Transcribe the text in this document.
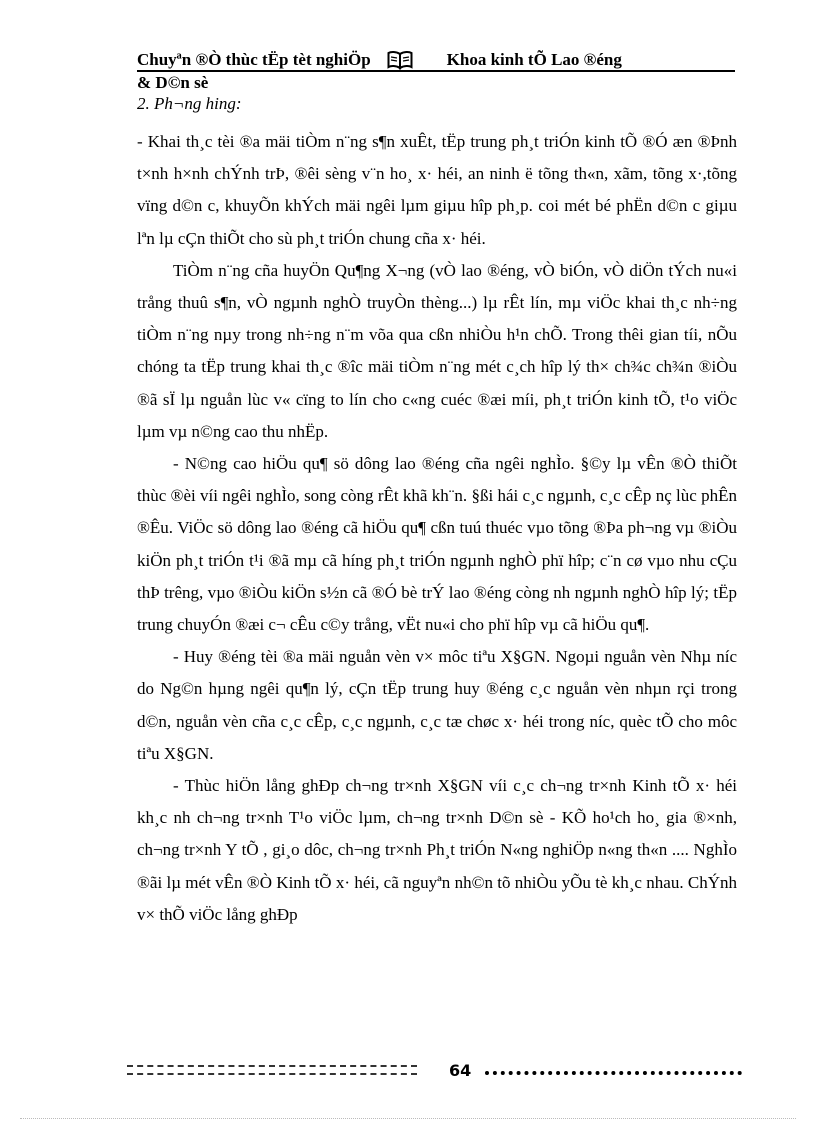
Chuyªn ®Ò thùc tËp tèt nghiÖp	Khoa kinh tÕ Lao ®éng
& D©n sè
2. Ph¬ng hing:

- Khai th¸c tèi ®a mäi tiÒm n¨ng s¶n xuÊt, tËp trung ph¸t triÓn kinh tÕ ®Ó æn ®Þnh t×nh h×nh chÝnh trÞ, ®êi sèng v¨n ho¸ x· héi, an ninh ë tõng th«n, xãm, tõng x·,tõng vïng d©n c, khuyÕn khÝch mäi ngêi lµm giµu hîp ph¸p. coi mét bé phËn d©n c giµu lªn lµ cÇn thiÕt cho sù ph¸t triÓn chung cña x· héi.

TiÒm n¨ng cña huyÖn Qu¶ng X¬ng (vÒ lao ®éng, vÒ biÓn, vÒ diÖn tÝch nu«i trång thuû s¶n, vÒ ngµnh nghÒ truyÒn thèng...) lµ rÊt lín, mµ viÖc khai th¸c nh÷ng tiÒm n¨ng nµy trong nh÷ng n¨m võa qua cßn nhiÒu h¹n chÕ. Trong thêi gian tíi, nÕu chóng ta tËp trung khai th¸c ®îc mäi tiÒm n¨ng mét c¸ch hîp lý th× ch¾c ch¾n ®iÒu ®ã sÏ lµ nguån lùc v« cïng to lín cho c«ng cuéc ®æi míi, ph¸t triÓn kinh tÕ, t¹o viÖc lµm vµ n©ng cao thu nhËp.

- N©ng cao hiÖu qu¶ sö dông lao ®éng cña ngêi nghÌo. §©y lµ vÊn ®Ò thiÕt thùc ®èi víi ngêi nghÌo, song còng rÊt khã kh¨n. §ßi hái c¸c ngµnh, c¸c cÊp nç lùc phÊn ®Êu. ViÖc sö dông lao ®éng cã hiÖu qu¶ cßn tuú thuéc vµo tõng ®Þa ph¬ng vµ ®iÒu kiÖn ph¸t triÓn t¹i ®ã mµ cã híng ph¸t triÓn ngµnh nghÒ phï hîp; c¨n cø vµo nhu cÇu thÞ trêng, vµo ®iÒu kiÖn s½n cã ®Ó bè trÝ lao ®éng còng nh ngµnh nghÒ hîp lý; tËp trung chuyÓn ®æi c¬ cÊu c©y trång, vËt nu«i cho phï hîp vµ cã hiÖu qu¶.

- Huy ®éng tèi ®a mäi nguån vèn v× môc tiªu X§GN. Ngoµi nguån vèn Nhµ níc do Ng©n hµng ngêi qu¶n lý, cÇn tËp trung huy ®éng c¸c nguån vèn nhµn rçi trong d©n, nguån vèn cña c¸c cÊp, c¸c ngµnh, c¸c tæ chøc x· héi trong níc, quèc tÕ cho môc tiªu X§GN.

- Thùc hiÖn lång ghÐp ch¬ng tr×nh X§GN víi c¸c ch¬ng tr×nh Kinh tÕ x· héi kh¸c nh ch¬ng tr×nh T¹o viÖc lµm, ch¬ng tr×nh D©n sè - KÕ ho¹ch ho¸ gia ®×nh, ch¬ng tr×nh Y tÕ , gi¸o dôc, ch¬ng tr×nh Ph¸t triÓn N«ng nghiÖp n«ng th«n .... NghÌo ®ãi lµ mét vÊn ®Ò Kinh tÕ x· héi, cã nguyªn nh©n tõ nhiÒu yÕu tè kh¸c nhau. ChÝnh v× thÕ viÖc lång ghÐp

64
